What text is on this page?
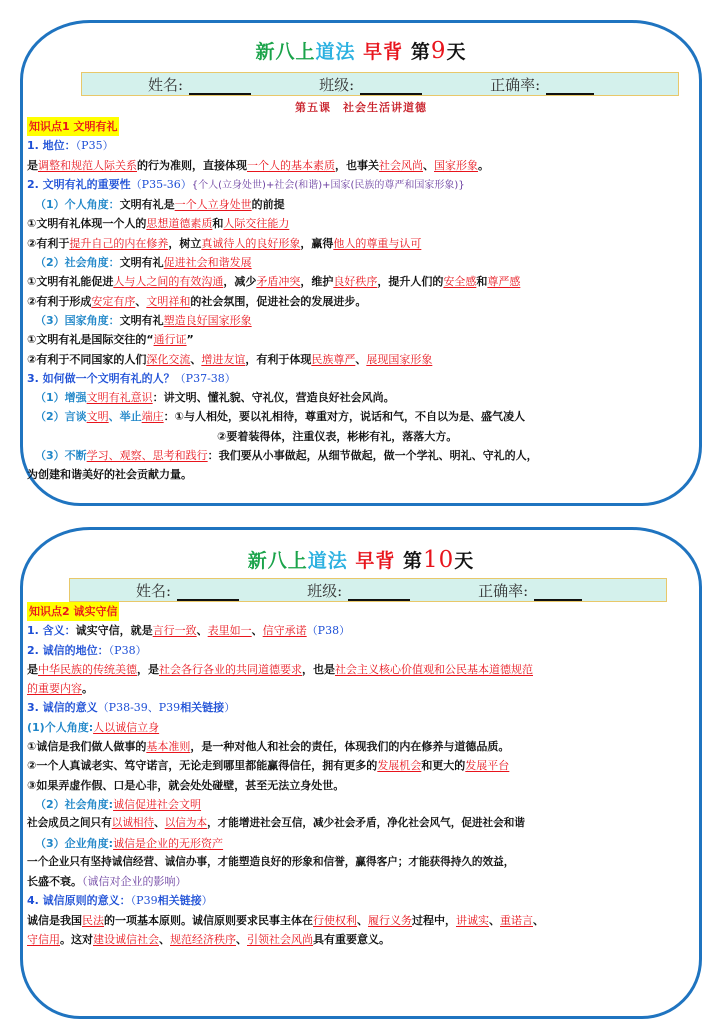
新八上道法 早背 第9天
姓名:	班级:	正确率:
第五课　社会生活讲道德
知识点1 文明有礼
1. 地位：（P35）
是调整和规范人际关系的行为准则，直接体现一个人的基本素质，也事关社会风尚、国家形象。
2. 文明有礼的重要性（P35-36）{个人(立身处世)+社会(和谐)+国家(民族的尊严和国家形象)}
（1）个人角度：文明有礼是一个人立身处世的前提
①文明有礼体现一个人的思想道德素质和人际交往能力
②有利于提升自己的内在修养，树立真诚待人的良好形象，赢得他人的尊重与认可
（2）社会角度：文明有礼促进社会和谐发展
①文明有礼能促进人与人之间的有效沟通，减少矛盾冲突，维护良好秩序，提升人们的安全感和尊严感
②有利于形成安定有序、文明祥和的社会氛围，促进社会的发展进步。
（3）国家角度：文明有礼塑造良好国家形象
①文明有礼是国际交往的“通行证”
②有利于不同国家的人们深化交流、增进友谊，有利于体现民族尊严、展现国家形象
3. 如何做一个文明有礼的人？（P37-38）
（1）增强文明有礼意识：讲文明、懂礼貌、守礼仪，营造良好社会风尚。
（2）言谈文明、举止端庄：①与人相处，要以礼相待，尊重对方，说话和气，不自以为是、盛气凌人
②要着装得体，注重仪表，彬彬有礼，落落大方。
（3）不断学习、观察、思考和践行：我们要从小事做起，从细节做起，做一个学礼、明礼、守礼的人，
为创建和谐美好的社会贡献力量。
新八上道法 早背 第10天
姓名:	班级:	正确率:
知识点2 诚实守信
1. 含义：诚实守信，就是言行一致、表里如一、信守承诺（P38）
2. 诚信的地位：（P38）
是中华民族的传统美德，是社会各行各业的共同道德要求，也是社会主义核心价值观和公民基本道德规范
的重要内容。
3. 诚信的意义（P38-39、P39相关链接）
(1)个人角度:人以诚信立身
①诚信是我们做人做事的基本准则，是一种对他人和社会的责任，体现我们的内在修养与道德品质。
②一个人真诚老实、笃守诺言，无论走到哪里都能赢得信任，拥有更多的发展机会和更大的发展平台
③如果弄虚作假、口是心非，就会处处碰壁，甚至无法立身处世。
（2）社会角度:诚信促进社会文明
社会成员之间只有以诚相待、以信为本，才能增进社会互信，减少社会矛盾，净化社会风气，促进社会和谐
（3）企业角度:诚信是企业的无形资产
一个企业只有坚持诚信经营、诚信办事，才能塑造良好的形象和信誉，赢得客户；才能获得持久的效益，
长盛不衰。（诚信对企业的影响）
4. 诚信原则的意义：（P39相关链接）
诚信是我国民法的一项基本原则。诚信原则要求民事主体在行使权利、履行义务过程中，讲诚实、重诺言、
守信用。这对建设诚信社会、规范经济秩序、引领社会风尚具有重要意义。
